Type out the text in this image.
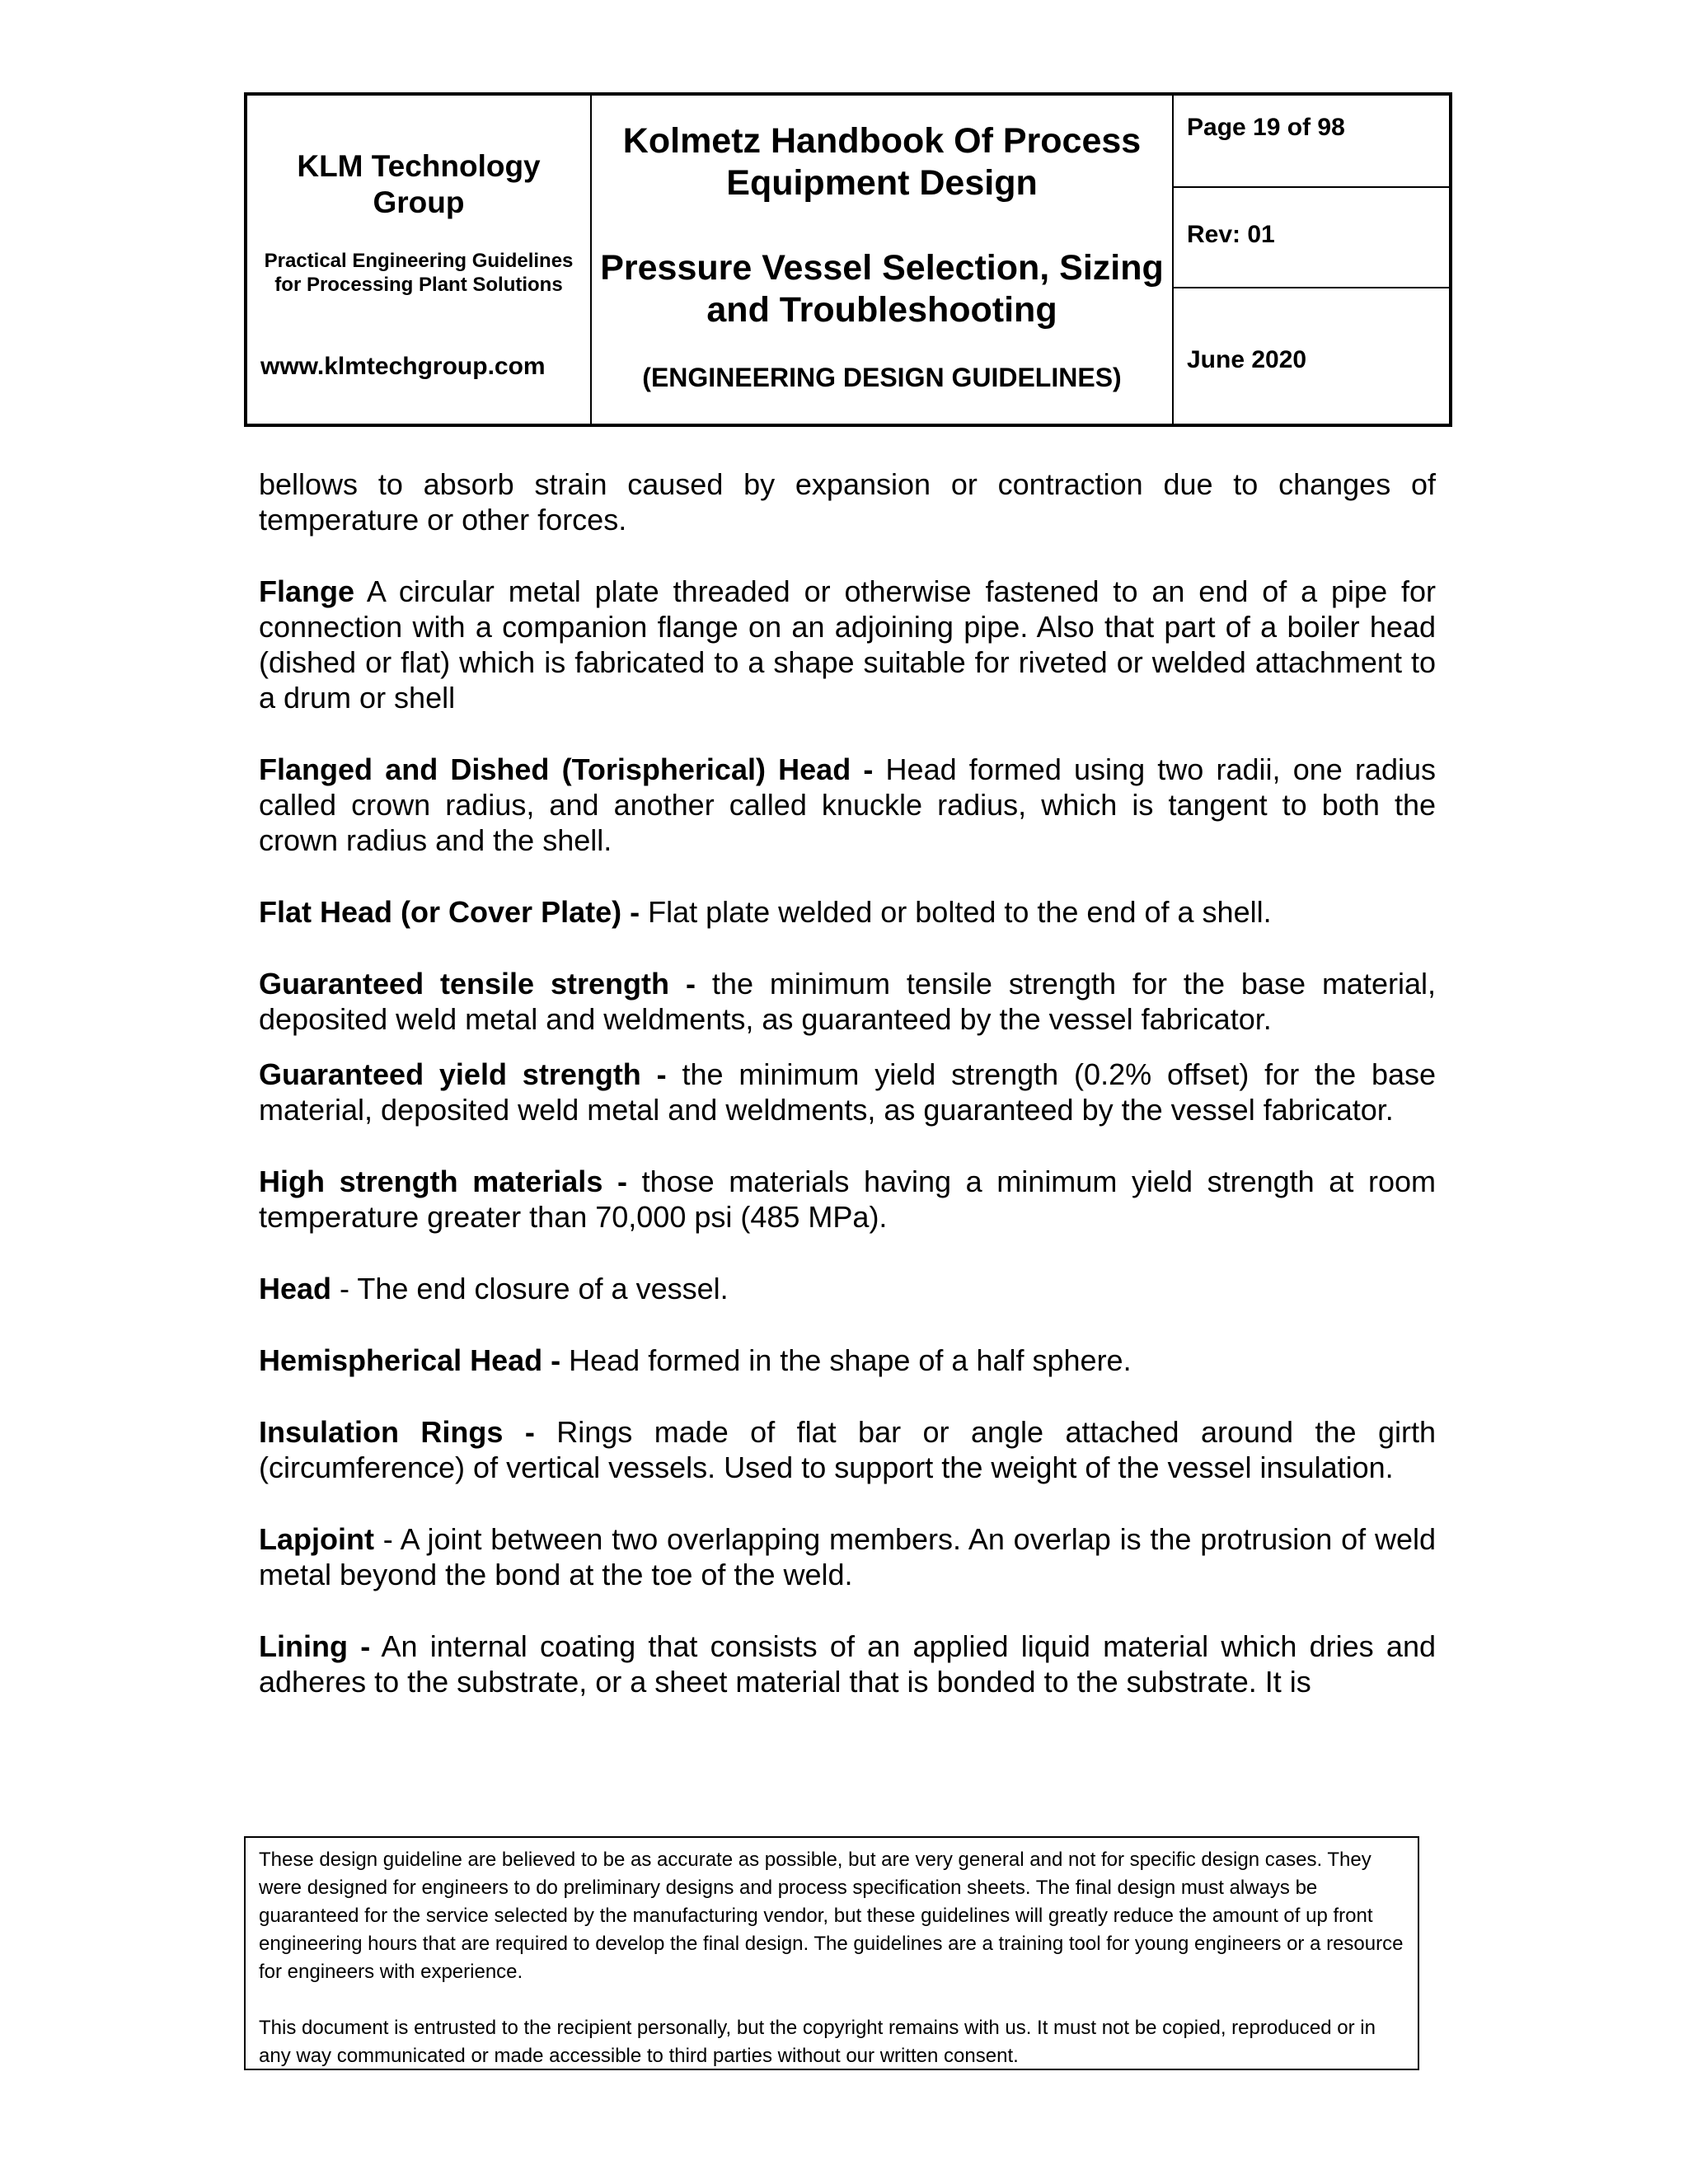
KLM Technology Group
Practical Engineering Guidelines for Processing Plant Solutions
www.klmtechgroup.com
Kolmetz Handbook Of Process Equipment Design
Pressure Vessel Selection, Sizing and Troubleshooting
(ENGINEERING DESIGN GUIDELINES)
Page 19 of 98
Rev: 01
June 2020

bellows to absorb strain caused by expansion or contraction due to changes of temperature or other forces.

Flange A circular metal plate threaded or otherwise fastened to an end of a pipe for connection with a companion flange on an adjoining pipe. Also that part of a boiler head (dished or flat) which is fabricated to a shape suitable for riveted or welded attachment to a drum or shell

Flanged and Dished (Torispherical) Head - Head formed using two radii, one radius called crown radius, and another called knuckle radius, which is tangent to both the crown radius and the shell.

Flat Head (or Cover Plate) - Flat plate welded or bolted to the end of a shell.

Guaranteed tensile strength - the minimum tensile strength for the base material, deposited weld metal and weldments, as guaranteed by the vessel fabricator.

Guaranteed yield strength - the minimum yield strength (0.2% offset) for the base material, deposited weld metal and weldments, as guaranteed by the vessel fabricator.

High strength materials - those materials having a minimum yield strength at room temperature greater than 70,000 psi (485 MPa).

Head - The end closure of a vessel.

Hemispherical Head - Head formed in the shape of a half sphere.

Insulation Rings - Rings made of flat bar or angle attached around the girth (circumference) of vertical vessels. Used to support the weight of the vessel insulation.

Lapjoint - A joint between two overlapping members. An overlap is the protrusion of weld metal beyond the bond at the toe of the weld.

Lining - An internal coating that consists of an applied liquid material which dries and adheres to the substrate, or a sheet material that is bonded to the substrate. It is

These design guideline are believed to be as accurate as possible, but are very general and not for specific design cases. They were designed for engineers to do preliminary designs and process specification sheets. The final design must always be guaranteed for the service selected by the manufacturing vendor, but these guidelines will greatly reduce the amount of up front engineering hours that are required to develop the final design. The guidelines are a training tool for young engineers or a resource for engineers with experience.

This document is entrusted to the recipient personally, but the copyright remains with us. It must not be copied, reproduced or in any way communicated or made accessible to third parties without our written consent.
